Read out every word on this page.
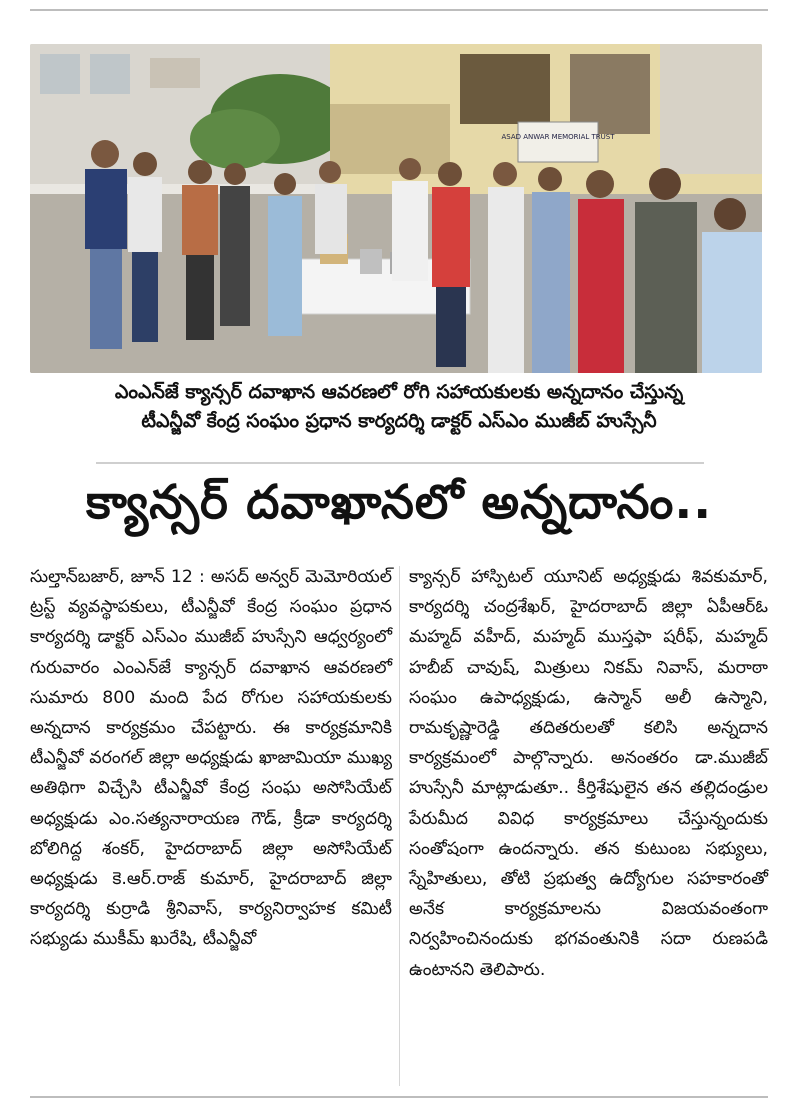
ASAD ANWAR MEMORIAL TRUST
ఎంఎన్‌జే క్యాన్సర్ దవాఖాన ఆవరణలో రోగి సహాయకులకు అన్నదానం చేస్తున్న
టీఎన్జీవో కేంద్ర సంఘం ప్రధాన కార్యదర్శి డాక్టర్ ఎస్ఎం ముజీబ్ హుస్సేనీ
క్యాన్సర్ దవాఖానలో అన్నదానం..

సుల్తాన్‌బజార్, జూన్ 12 : అసద్ అన్వర్ మెమోరియల్ ట్రస్ట్ వ్యవస్థాపకులు, టీఎన్జీవో కేంద్ర సంఘం ప్రధాన కార్యదర్శి డాక్టర్ ఎస్ఎం ముజీబ్ హుస్సేని ఆధ్వర్యంలో గురువారం ఎంఎన్‌జే క్యాన్సర్ దవాఖాన ఆవరణలో సుమారు 800 మంది పేద రోగుల సహాయకులకు అన్నదాన కార్యక్రమం చేపట్టారు. ఈ కార్యక్రమానికి టీఎన్జీవో వరంగల్ జిల్లా అధ్యక్షుడు ఖాజామియా ముఖ్య అతిథిగా విచ్చేసి టీఎన్జీవో కేంద్ర సంఘ అసోసియేట్ అధ్యక్షుడు ఎం.సత్యనారాయణ గౌడ్, క్రీడా కార్యదర్శి బోలిగిద్ద శంకర్, హైదరాబాద్ జిల్లా అసోసియేట్ అధ్యక్షుడు కె.ఆర్.రాజ్ కుమార్, హైదరాబాద్ జిల్లా కార్యదర్శి కుర్రాడి శ్రీనివాస్, కార్యనిర్వాహక కమిటీ సభ్యుడు ముకీమ్ ఖురేషి, టీఎన్జీవో

క్యాన్సర్ హాస్పిటల్ యూనిట్ అధ్యక్షుడు శివకుమార్, కార్యదర్శి చంద్రశేఖర్, హైదరాబాద్ జిల్లా ఏపీఆర్ఓ మహ్మద్ వహీద్, మహ్మద్ ముస్తఫా షరీఫ్, మహ్మద్ హబీబ్ చావుష్, మిత్రులు నికమ్ నివాస్, మరాఠా సంఘం ఉపాధ్యక్షుడు, ఉస్మాన్ అలీ ఉస్మాని, రామకృష్ణారెడ్డి తదితరులతో కలిసి అన్నదాన కార్యక్రమంలో పాల్గొన్నారు. అనంతరం డా.ముజీబ్ హుస్సేనీ మాట్లాడుతూ.. కీర్తిశేషులైన తన తల్లిదండ్రుల పేరుమీద వివిధ కార్యక్రమాలు చేస్తున్నందుకు సంతోషంగా ఉందన్నారు. తన కుటుంబ సభ్యులు, స్నేహితులు, తోటి ప్రభుత్వ ఉద్యోగుల సహకారంతో అనేక కార్యక్రమాలను విజయవంతంగా నిర్వహించినందుకు భగవంతునికి సదా రుణపడి ఉంటానని తెలిపారు.
